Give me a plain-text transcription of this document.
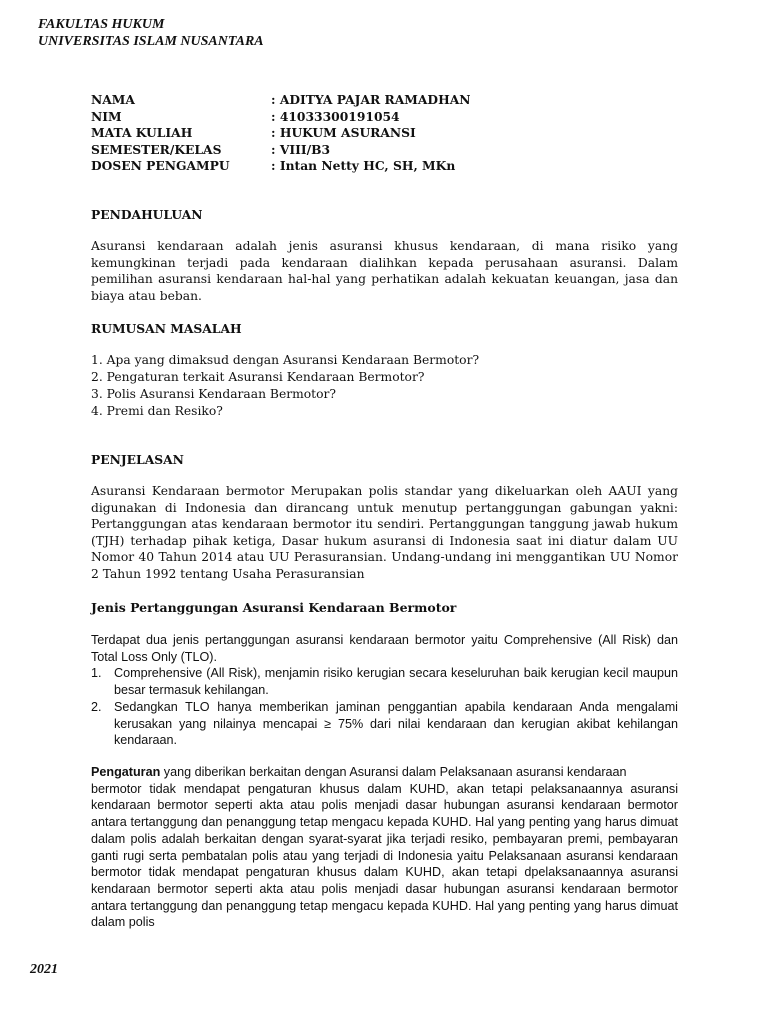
FAKULTAS HUKUM
UNIVERSITAS ISLAM NUSANTARA
NAMA	: ADITYA PAJAR RAMADHAN
NIM	: 41033300191054
MATA KULIAH	: HUKUM ASURANSI
SEMESTER/KELAS	: VIII/B3
DOSEN PENGAMPU	: Intan Netty HC, SH, MKn

PENDAHULUAN

Asuransi kendaraan adalah jenis asuransi khusus kendaraan, di mana risiko yang kemungkinan terjadi pada kendaraan dialihkan kepada perusahaan asuransi. Dalam pemilihan asuransi kendaraan hal-hal yang perhatikan adalah kekuatan keuangan, jasa dan biaya atau beban.

RUMUSAN MASALAH

1. Apa yang dimaksud dengan Asuransi Kendaraan Bermotor?

2. Pengaturan terkait Asuransi Kendaraan Bermotor?

3. Polis Asuransi Kendaraan Bermotor?

4. Premi dan Resiko?

PENJELASAN

Asuransi Kendaraan bermotor Merupakan polis standar yang dikeluarkan oleh AAUI yang digunakan di Indonesia dan dirancang untuk menutup pertanggungan gabungan yakni: Pertanggungan atas kendaraan bermotor itu sendiri. Pertanggungan tanggung jawab hukum (TJH) terhadap pihak ketiga, Dasar hukum asuransi di Indonesia saat ini diatur dalam UU Nomor 40 Tahun 2014 atau UU Perasuransian. Undang-undang ini menggantikan UU Nomor 2 Tahun 1992 tentang Usaha Perasuransian

Jenis Pertanggungan Asuransi Kendaraan Bermotor

Terdapat dua jenis pertanggungan asuransi kendaraan bermotor yaitu Comprehensive (All Risk) dan Total Loss Only (TLO).

1. Comprehensive (All Risk), menjamin risiko kerugian secara keseluruhan baik kerugian kecil maupun besar termasuk kehilangan.
2. Sedangkan TLO hanya memberikan jaminan penggantian apabila kendaraan Anda mengalami kerusakan yang nilainya mencapai ≥ 75% dari nilai kendaraan dan kerugian akibat kehilangan kendaraan.

Pengaturan yang diberikan berkaitan dengan Asuransi dalam Pelaksanaan asuransi kendaraan

bermotor tidak mendapat pengaturan khusus dalam KUHD, akan tetapi pelaksanaannya asuransi kendaraan bermotor seperti akta atau polis menjadi dasar hubungan asuransi kendaraan bermotor antara tertanggung dan penanggung tetap mengacu kepada KUHD. Hal yang penting yang harus dimuat dalam polis adalah berkaitan dengan syarat-syarat jika terjadi resiko, pembayaran premi, pembayaran ganti rugi serta pembatalan polis atau yang terjadi di Indonesia yaitu Pelaksanaan asuransi kendaraan bermotor tidak mendapat pengaturan khusus dalam KUHD, akan tetapi dpelaksanaannya asuransi kendaraan bermotor seperti akta atau polis menjadi dasar hubungan asuransi kendaraan bermotor antara tertanggung dan penanggung tetap mengacu kepada KUHD. Hal yang penting yang harus dimuat dalam polis

2021
